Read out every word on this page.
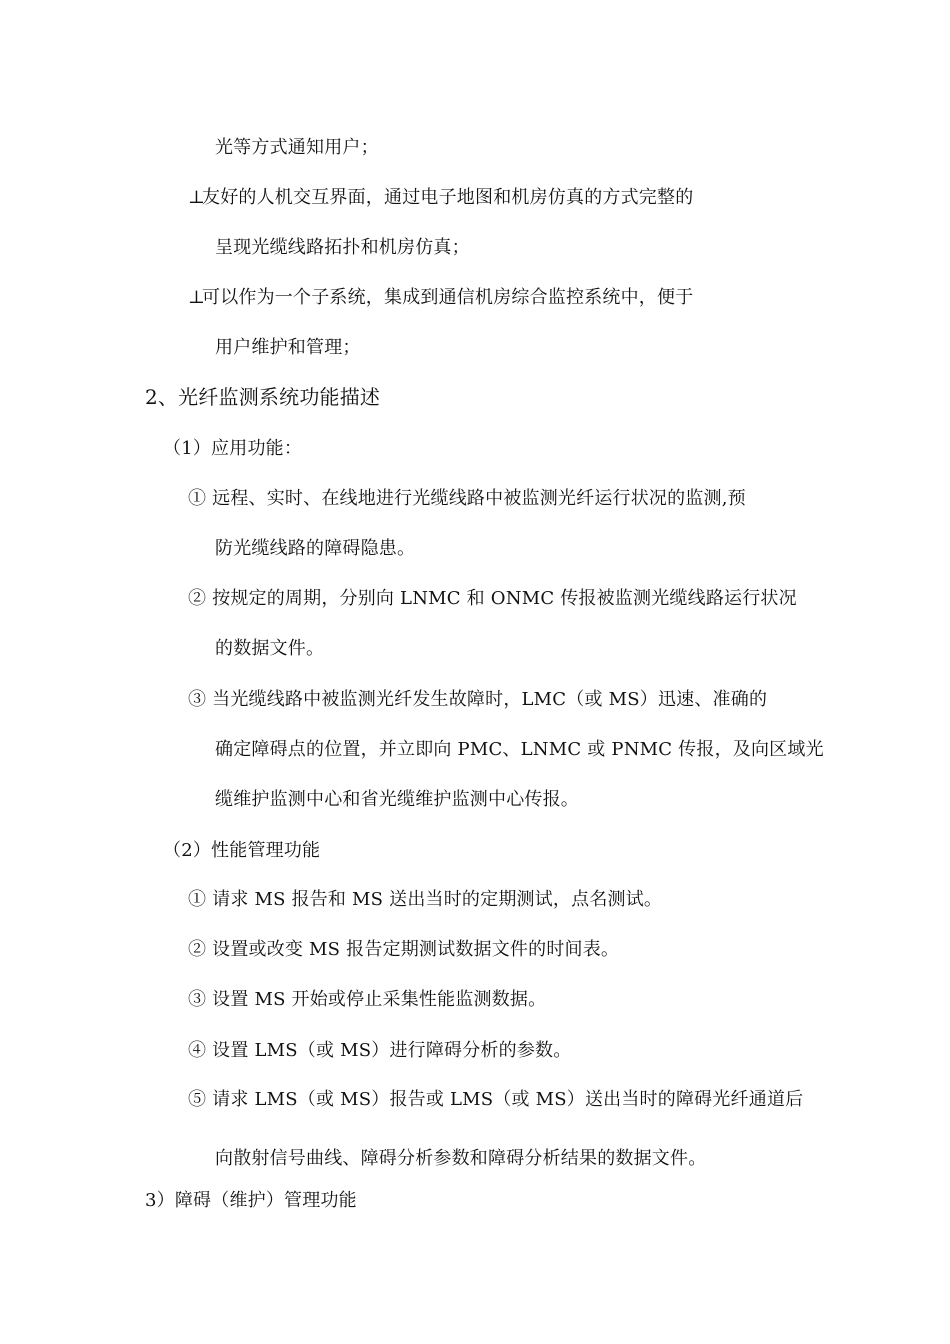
光等方式通知用户；
⊥友好的人机交互界面，通过电子地图和机房仿真的方式完整的
呈现光缆线路拓扑和机房仿真；
⊥可以作为一个子系统，集成到通信机房综合监控系统中，便于
用户维护和管理；
2、光纤监测系统功能描述
（1）应用功能：
① 远程、实时、在线地进行光缆线路中被监测光纤运行状况的监测,预
防光缆线路的障碍隐患。
② 按规定的周期，分别向 LNMC 和 ONMC 传报被监测光缆线路运行状况
的数据文件。
③ 当光缆线路中被监测光纤发生故障时，LMC（或 MS）迅速、准确的
确定障碍点的位置，并立即向 PMC、LNMC 或 PNMC 传报，及向区域光
缆维护监测中心和省光缆维护监测中心传报。
（2）性能管理功能
① 请求 MS 报告和 MS 送出当时的定期测试，点名测试。
② 设置或改变 MS 报告定期测试数据文件的时间表。
③ 设置 MS 开始或停止采集性能监测数据。
④ 设置 LMS（或 MS）进行障碍分析的参数。
⑤ 请求 LMS（或 MS）报告或 LMS（或 MS）送出当时的障碍光纤通道后
向散射信号曲线、障碍分析参数和障碍分析结果的数据文件。
3）障碍（维护）管理功能
